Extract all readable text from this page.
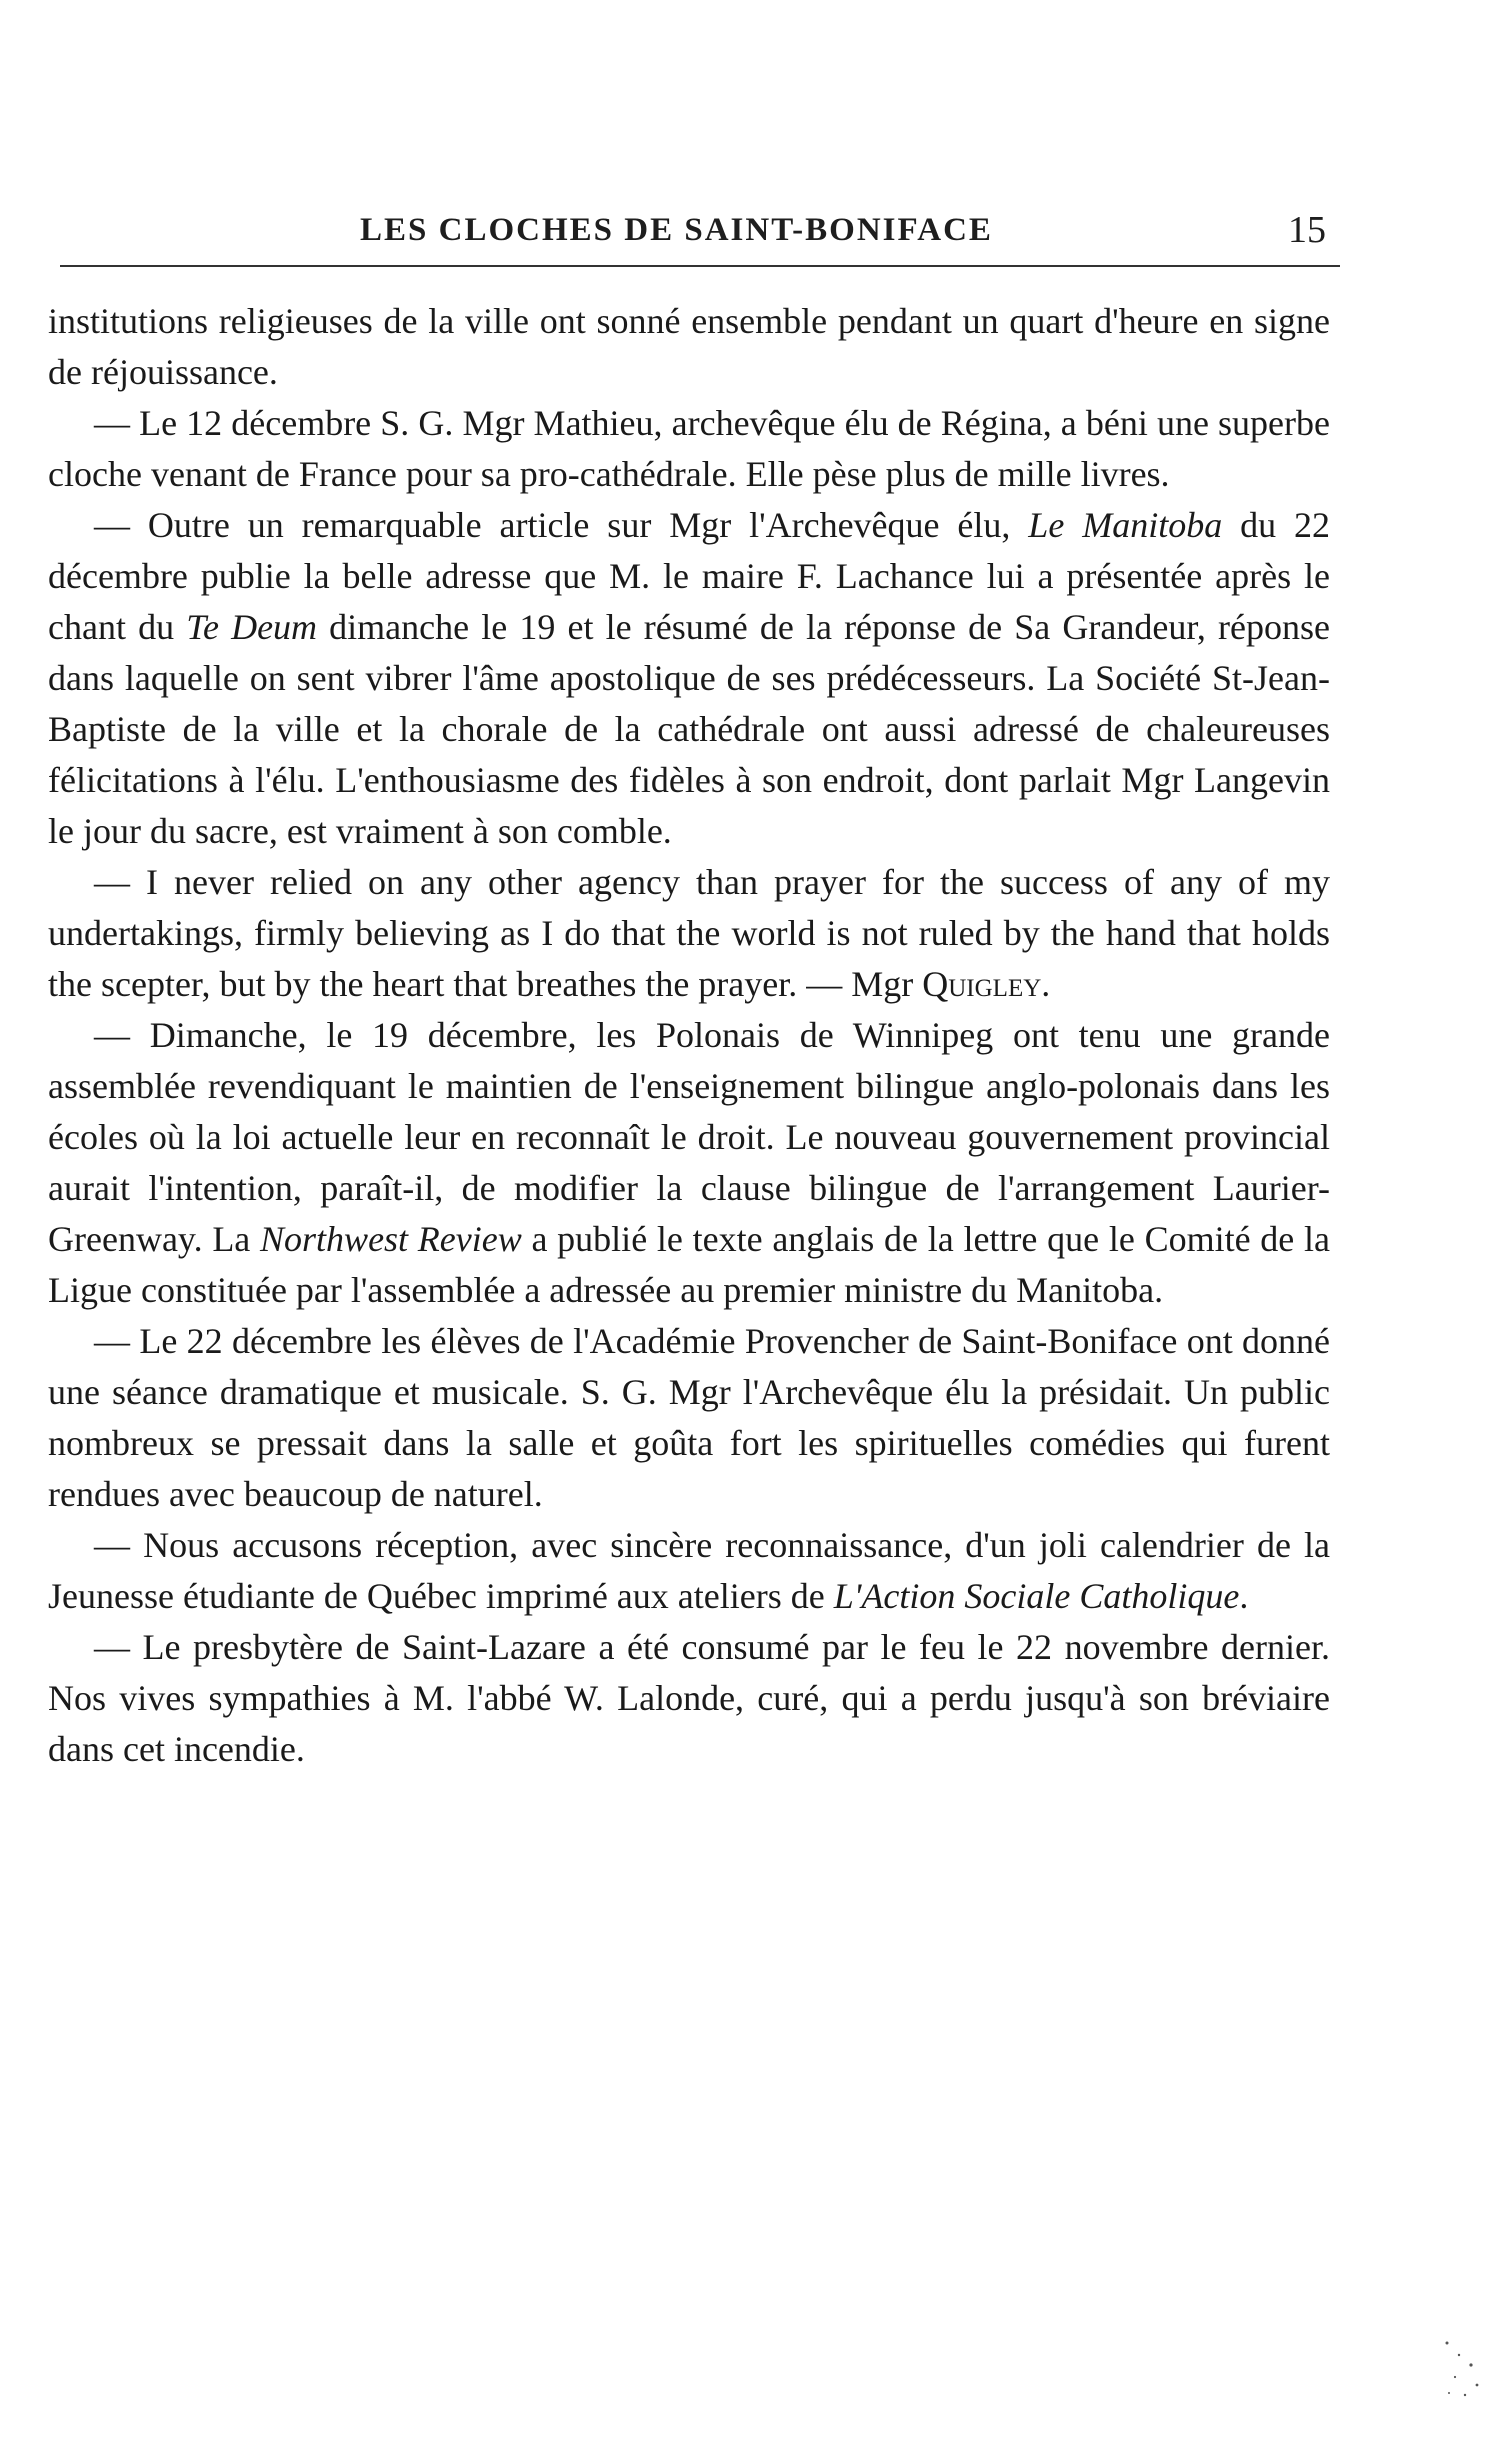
LES CLOCHES DE SAINT-BONIFACE	15

institutions religieuses de la ville ont sonné ensemble pendant un quart d'heure en signe de réjouissance.

— Le 12 décembre S. G. Mgr Mathieu, archevêque élu de Régina, a béni une superbe cloche venant de France pour sa pro-cathédrale. Elle pèse plus de mille livres.

— Outre un remarquable article sur Mgr l'Archevêque élu, Le Manitoba du 22 décembre publie la belle adresse que M. le maire F. Lachance lui a présentée après le chant du Te Deum dimanche le 19 et le résumé de la réponse de Sa Grandeur, réponse dans laquelle on sent vibrer l'âme apostolique de ses prédécesseurs. La Société St-Jean-Baptiste de la ville et la chorale de la cathédrale ont aussi adressé de chaleureuses félicitations à l'élu. L'enthousiasme des fidèles à son endroit, dont parlait Mgr Langevin le jour du sacre, est vraiment à son comble.

— I never relied on any other agency than prayer for the success of any of my undertakings, firmly believing as I do that the world is not ruled by the hand that holds the scepter, but by the heart that breathes the prayer. — Mgr Quigley.

— Dimanche, le 19 décembre, les Polonais de Winnipeg ont tenu une grande assemblée revendiquant le maintien de l'enseignement bilingue anglo-polonais dans les écoles où la loi actuelle leur en reconnaît le droit. Le nouveau gouvernement provincial aurait l'intention, paraît-il, de modifier la clause bilingue de l'arrangement Laurier-Greenway. La Northwest Review a publié le texte anglais de la lettre que le Comité de la Ligue constituée par l'assemblée a adressée au premier ministre du Manitoba.

— Le 22 décembre les élèves de l'Académie Provencher de Saint-Boniface ont donné une séance dramatique et musicale. S. G. Mgr l'Archevêque élu la présidait. Un public nombreux se pressait dans la salle et goûta fort les spirituelles comédies qui furent rendues avec beaucoup de naturel.

— Nous accusons réception, avec sincère reconnaissance, d'un joli calendrier de la Jeunesse étudiante de Québec imprimé aux ateliers de L'Action Sociale Catholique.

— Le presbytère de Saint-Lazare a été consumé par le feu le 22 novembre dernier. Nos vives sympathies à M. l'abbé W. Lalonde, curé, qui a perdu jusqu'à son bréviaire dans cet incendie.
